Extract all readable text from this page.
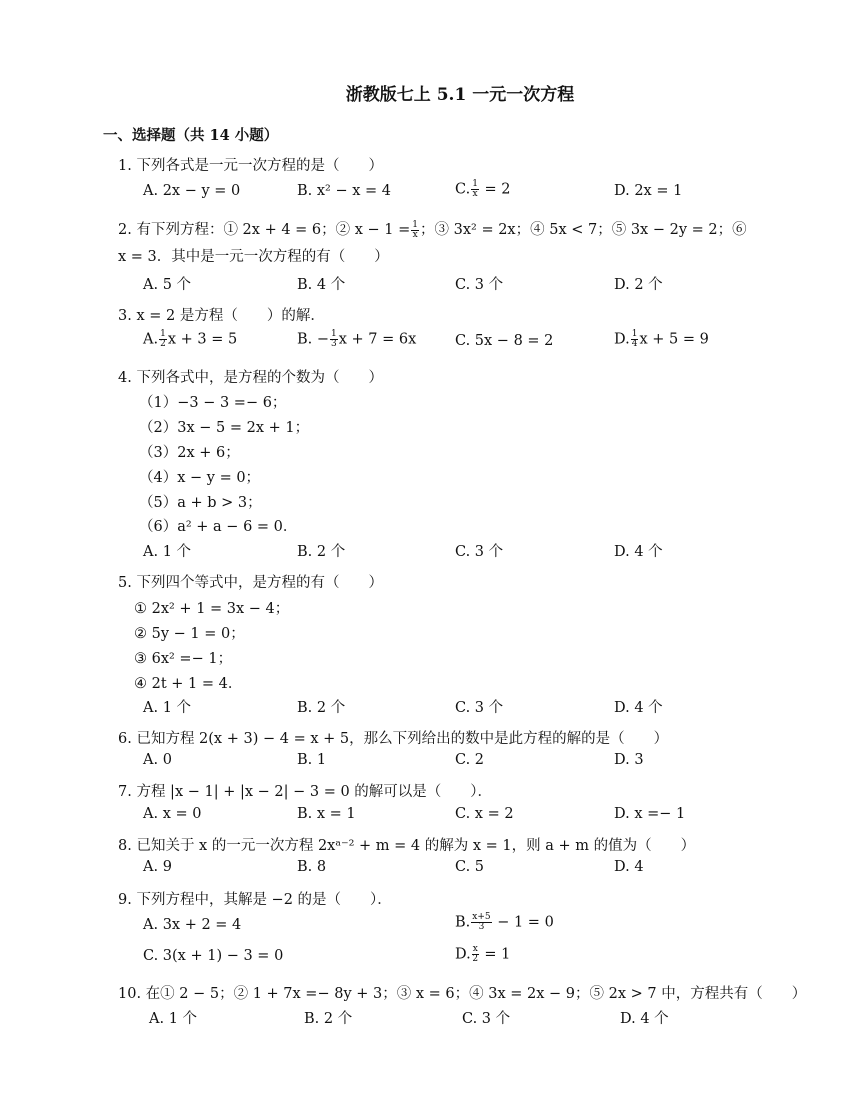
浙教版七上 5.1 一元一次方程
一、选择题（共 14 小题）
1. 下列各式是一元一次方程的是（　　）
A. 2x − y = 0	B. x² − x = 4	C. $\frac{1}{x} = 2$	D. 2x = 1
2. 有下列方程：① 2x + 4 = 6；② $x - 1 = \frac{1}{x}$ ；③ 3x² = 2x；④ 5x < 7；⑤ 3x − 2y = 2；⑥
x = 3．其中是一元一次方程的有（　　）
A. 5 个	B. 4 个	C. 3 个	D. 2 个
3. x = 2 是方程（　　）的解．
A. $\frac{1}{2}$ x + 3 = 5	B. − $\frac{1}{3}$ x + 7 = 6x	C. 5x − 8 = 2	D. $\frac{1}{4}$ x + 5 = 9
4. 下列各式中，是方程的个数为（　　）
（1）−3 − 3 =− 6；
（2）3x − 5 = 2x + 1；
（3）2x + 6；
（4）x − y = 0；
（5）a + b > 3；
（6）a² + a − 6 = 0．
A. 1 个	B. 2 个	C. 3 个	D. 4 个
5. 下列四个等式中，是方程的有（　　）
① 2x² + 1 = 3x − 4；
② 5y − 1 = 0；
③ 6x² =− 1；
④ 2t + 1 = 4．
A. 1 个	B. 2 个	C. 3 个	D. 4 个
6. 已知方程 2(x + 3) − 4 = x + 5，那么下列给出的数中是此方程的解的是（　　）
A. 0	B. 1	C. 2	D. 3
7. 方程 |x − 1| + |x − 2| − 3 = 0 的解可以是（　　）．
A. x = 0	B. x = 1	C. x = 2	D. x =− 1
8. 已知关于 x 的一元一次方程 2xᵃ⁻² + m = 4 的解为 x = 1，则 a + m 的值为（　　）
A. 9	B. 8	C. 5	D. 4
9. 下列方程中，其解是 −2 的是（　　）．
A. 3x + 2 = 4	B. $\frac{x+5}{3} - 1 = 0$
C. 3(x + 1) − 3 = 0	D. $\frac{x}{2} = 1$
10. 在① 2 − 5；② 1 + 7x =− 8y + 3；③ x = 6；④ 3x = 2x − 9；⑤ 2x > 7 中，方程共有（　　）
A. 1 个	B. 2 个	C. 3 个	D. 4 个
